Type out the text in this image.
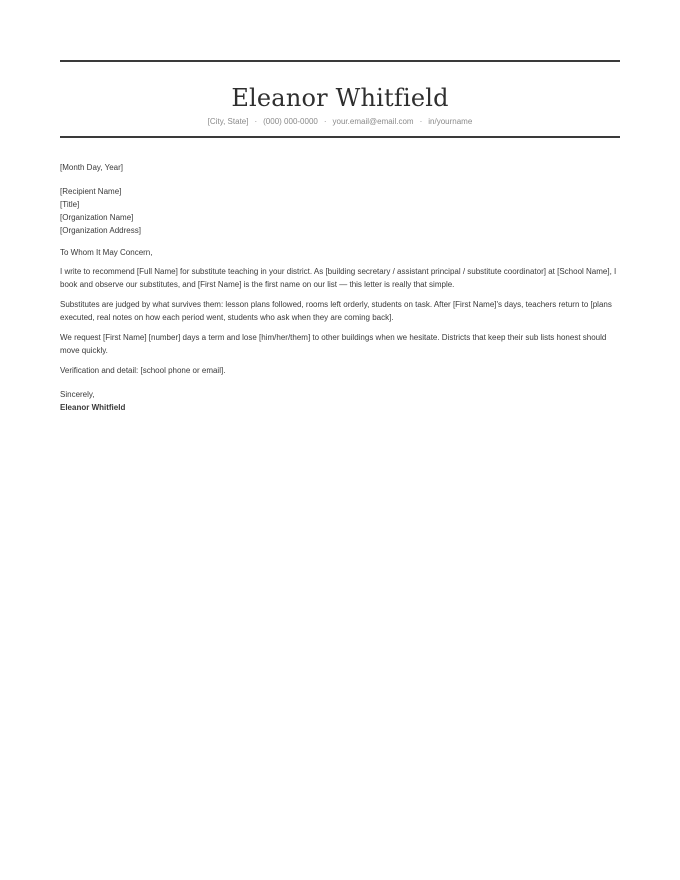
Eleanor Whitfield
[City, State] · (000) 000-0000 · your.email@email.com · in/yourname
[Month Day, Year]
[Recipient Name]
[Title]
[Organization Name]
[Organization Address]
To Whom It May Concern,
I write to recommend [Full Name] for substitute teaching in your district. As [building secretary / assistant principal / substitute coordinator] at [School Name], I book and observe our substitutes, and [First Name] is the first name on our list — this letter is really that simple.
Substitutes are judged by what survives them: lesson plans followed, rooms left orderly, students on task. After [First Name]'s days, teachers return to [plans executed, real notes on how each period went, students who ask when they are coming back].
We request [First Name] [number] days a term and lose [him/her/them] to other buildings when we hesitate. Districts that keep their sub lists honest should move quickly.
Verification and detail: [school phone or email].
Sincerely,
Eleanor Whitfield
